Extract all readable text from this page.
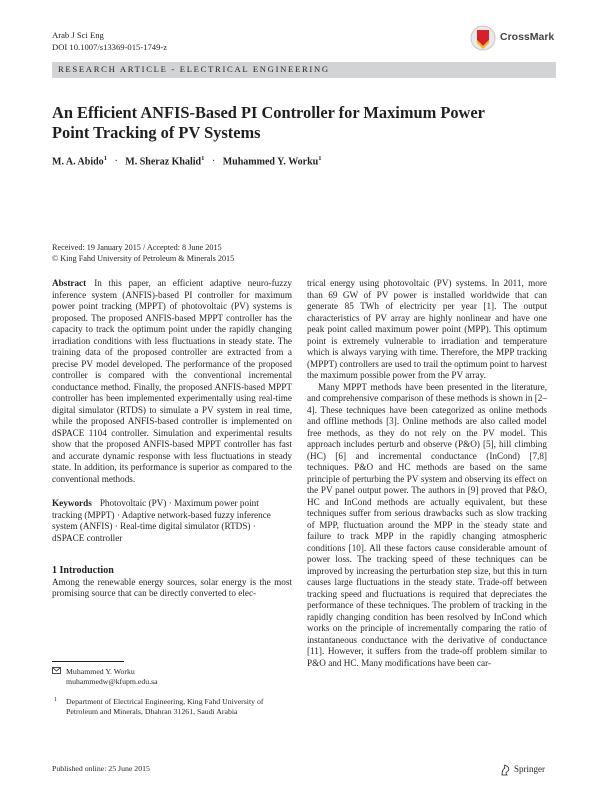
Arab J Sci Eng
DOI 10.1007/s13369-015-1749-z
CrossMark
RESEARCH ARTICLE - ELECTRICAL ENGINEERING
An Efficient ANFIS-Based PI Controller for Maximum Power Point Tracking of PV Systems
M. A. Abido$^1$ · M. Sheraz Khalid$^1$ · Muhammed Y. Worku$^1$
Received: 19 January 2015 / Accepted: 8 June 2015
© King Fahd University of Petroleum & Minerals 2015

Abstract In this paper, an efficient adaptive neuro-fuzzy inference system (ANFIS)-based PI controller for maximum power point tracking (MPPT) of photovoltaic (PV) systems is proposed. The proposed ANFIS-based MPPT controller has the capacity to track the optimum point under the rapidly changing irradiation conditions with less fluctuations in steady state. The training data of the proposed controller are extracted from a precise PV model developed. The performance of the proposed controller is compared with the conventional incremental conductance method. Finally, the proposed ANFIS-based MPPT controller has been implemented experimentally using real-time digital simulator (RTDS) to simulate a PV system in real time, while the proposed ANFIS-based controller is implemented on dSPACE 1104 controller. Simulation and experimental results show that the proposed ANFIS-based MPPT controller has fast and accurate dynamic response with less fluctuations in steady state. In addition, its performance is superior as compared to the conventional methods.

Keywords Photovoltaic (PV) · Maximum power point
tracking (MPPT) · Adaptive network-based fuzzy inference
system (ANFIS) · Real-time digital simulator (RTDS) ·
dSPACE controller
1 Introduction

Among the renewable energy sources, solar energy is the most promising source that can be directly converted to elec-

trical energy using photovoltaic (PV) systems. In 2011, more than 69 GW of PV power is installed worldwide that can generate 85 TWh of electricity per year [1]. The output characteristics of PV array are highly nonlinear and have one peak point called maximum power point (MPP). This optimum point is extremely vulnerable to irradiation and temperature which is always varying with time. Therefore, the MPP tracking (MPPT) controllers are used to trail the optimum point to harvest the maximum possible power from the PV array.

Many MPPT methods have been presented in the literature, and comprehensive comparison of these methods is shown in [2–4]. These techniques have been categorized as online methods and offline methods [3]. Online methods are also called model free methods, as they do not rely on the PV model. This approach includes perturb and observe (P&O) [5], hill climbing (HC) [6] and incremental conductance (InCond) [7,8] techniques. P&O and HC methods are based on the same principle of perturbing the PV system and observing its effect on the PV panel output power. The authors in [9] proved that P&O, HC and InCond methods are actually equivalent, but these techniques suffer from serious drawbacks such as slow tracking of MPP, fluctuation around the MPP in the steady state and failure to track MPP in the rapidly changing atmospheric conditions [10]. All these factors cause considerable amount of power loss. The tracking speed of these techniques can be improved by increasing the perturbation step size, but this in turn causes large fluctuations in the steady state. Trade-off between tracking speed and fluctuations is required that depreciates the performance of these techniques. The problem of tracking in the rapidly changing condition has been resolved by InCond which works on the principle of incrementally comparing the ratio of instantaneous conductance with the derivative of conductance [11]. However, it suffers from the trade-off problem similar to P&O and HC. Many modifications have been car-

Muhammed Y. Worku
muhammedw@kfupm.edu.sa
1 Department of Electrical Engineering, King Fahd University of Petroleum and Minerals, Dhahran 31261, Saudi Arabia
Published online: 25 June 2015	Springer
